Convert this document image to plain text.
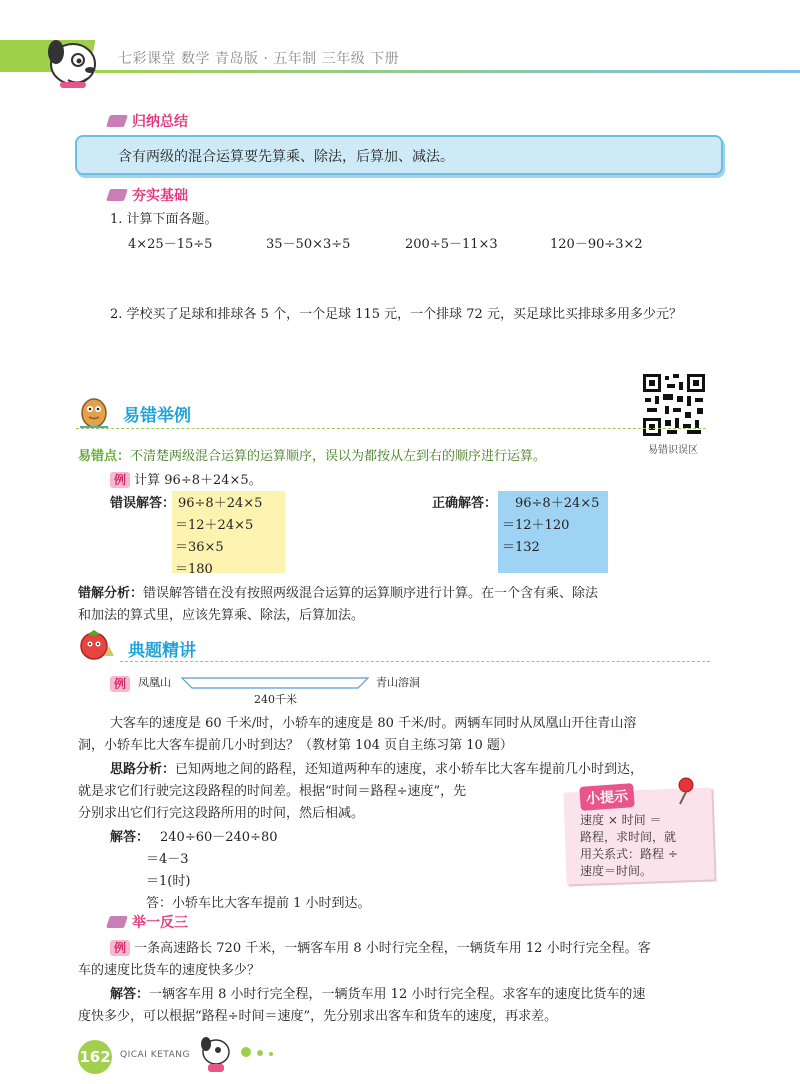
七彩课堂 数学 青岛版 · 五年制 三年级 下册
归纳总结
含有两级的混合运算要先算乘、除法，后算加、减法。
夯实基础
1. 计算下面各题。
4×25－15÷5	35－50×3÷5	200÷5－11×3	120－90÷3×2
2. 学校买了足球和排球各 5 个，一个足球 115 元，一个排球 72 元，买足球比买排球多用多少元？
易错识误区
易错举例
易错点：不清楚两级混合运算的运算顺序，误以为都按从左到右的顺序进行运算。
例 计算 96÷8＋24×5。
错误解答： 96÷8＋24×5
＝12＋24×5
＝36×5
＝180
正确解答： 96÷8＋24×5
＝12＋120
＝132
错解分析：错误解答错在没有按照两级混合运算的运算顺序进行计算。在一个含有乘、除法
和加法的算式里，应该先算乘、除法，后算加法。
典题精讲
例	凤凰山	青山溶洞
240千米
大客车的速度是 60 千米/时，小轿车的速度是 80 千米/时。两辆车同时从凤凰山开往青山溶
洞，小轿车比大客车提前几小时到达？（教材第 104 页自主练习第 10 题）
思路分析：已知两地之间的路程，还知道两种车的速度，求小轿车比大客车提前几小时到达，
就是求它们行驶完这段路程的时间差。根据“时间＝路程÷速度”，先
分别求出它们行完这段路所用的时间，然后相减。
解答： 240÷60－240÷80
＝4－3
＝1(时)
答：小轿车比大客车提前 1 小时到达。
小提示
速度 × 时间 ＝
路程，求时间，就
用关系式：路程 ÷
速度＝时间。
举一反三
例 一条高速路长 720 千米，一辆客车用 8 小时行完全程，一辆货车用 12 小时行完全程。客
车的速度比货车的速度快多少？
解答：一辆客车用 8 小时行完全程，一辆货车用 12 小时行完全程。求客车的速度比货车的速
度快多少，可以根据“路程÷时间＝速度”，先分别求出客车和货车的速度，再求差。
162 QICAI KETANG
